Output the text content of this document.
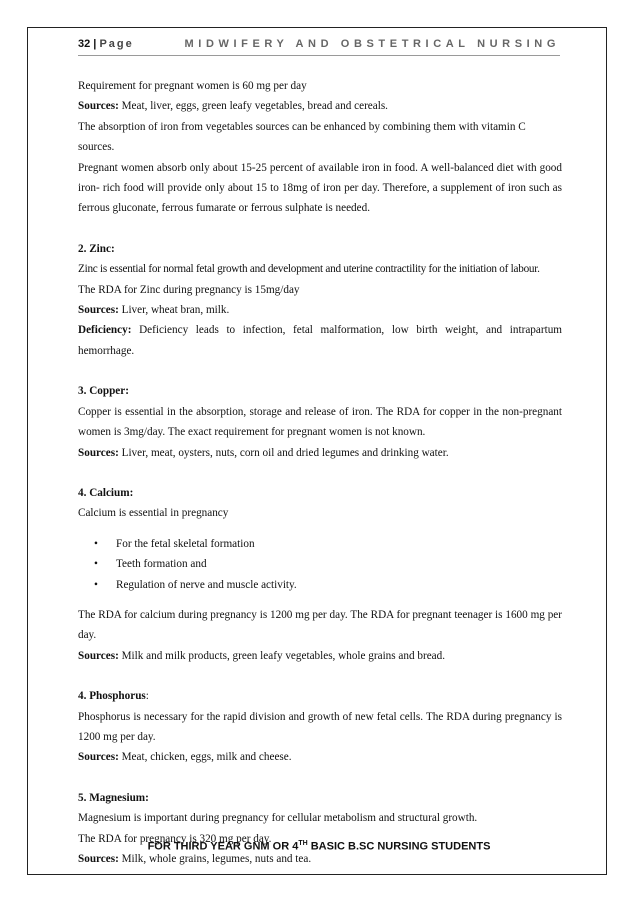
32 | Page	MIDWIFERY AND OBSTETRICAL NURSING

Requirement for pregnant women is 60 mg per day

Sources: Meat, liver, eggs, green leafy vegetables, bread and cereals.

The absorption of iron from vegetables sources can be enhanced by combining them with vitamin C sources.

Pregnant women absorb only about 15-25 percent of available iron in food. A well-balanced diet with good iron- rich food will provide only about 15 to 18mg of iron per day. Therefore, a supplement of iron such as ferrous gluconate, ferrous fumarate or ferrous sulphate is needed.

2. Zinc:

Zinc is essential for normal fetal growth and development and uterine contractility for the initiation of labour.

The RDA for Zinc during pregnancy is 15mg/day

Sources: Liver, wheat bran, milk.

Deficiency: Deficiency leads to infection, fetal malformation, low birth weight, and intrapartum hemorrhage.

3. Copper:

Copper is essential in the absorption, storage and release of iron. The RDA for copper in the non-pregnant women is 3mg/day. The exact requirement for pregnant women is not known.

Sources: Liver, meat, oysters, nuts, corn oil and dried legumes and drinking water.

4. Calcium:

Calcium is essential in pregnancy

• For the fetal skeletal formation
• Teeth formation and
• Regulation of nerve and muscle activity.

The RDA for calcium during pregnancy is 1200 mg per day. The RDA for pregnant teenager is 1600 mg per day.

Sources: Milk and milk products, green leafy vegetables, whole grains and bread.

4. Phosphorus:

Phosphorus is necessary for the rapid division and growth of new fetal cells. The RDA during pregnancy is 1200 mg per day.

Sources: Meat, chicken, eggs, milk and cheese.

5. Magnesium:

Magnesium is important during pregnancy for cellular metabolism and structural growth.

The RDA for pregnancy is 320 mg per day.

Sources: Milk, whole grains, legumes, nuts and tea.

FOR THIRD YEAR GNM OR 4TH BASIC B.SC NURSING STUDENTS
